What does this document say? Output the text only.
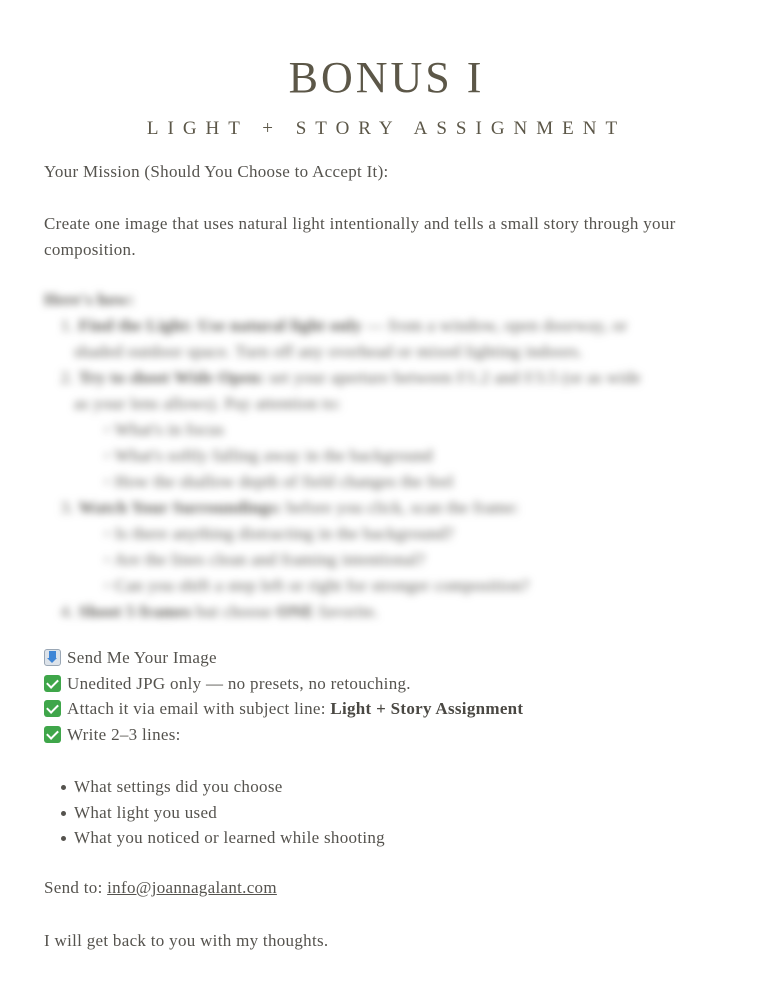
BONUS I
LIGHT + STORY ASSIGNMENT
Your Mission (Should You Choose to Accept It):
Create one image that uses natural light intentionally and tells a small story through your composition.
Here's how:
1. Find the Light: Use natural light only — from a window, open doorway, or
shaded outdoor space. Turn off any overhead or mixed lighting indoors.
2. Try to shoot Wide Open: set your aperture between f/1.2 and f/3.5 (or as wide
as your lens allows). Pay attention to:
◦ What's in focus
◦ What's softly falling away in the background
◦ How the shallow depth of field changes the feel
3. Watch Your Surroundings: before you click, scan the frame:
◦ Is there anything distracting in the background?
◦ Are the lines clean and framing intentional?
◦ Can you shift a step left or right for stronger composition?
4. Shoot 5 frames but choose ONE favorite.
Send Me Your Image
Unedited JPG only — no presets, no retouching.
Attach it via email with subject line: Light + Story Assignment
Write 2–3 lines:
What settings did you choose
What light you used
What you noticed or learned while shooting
Send to: info@joannagalant.com
I will get back to you with my thoughts.
